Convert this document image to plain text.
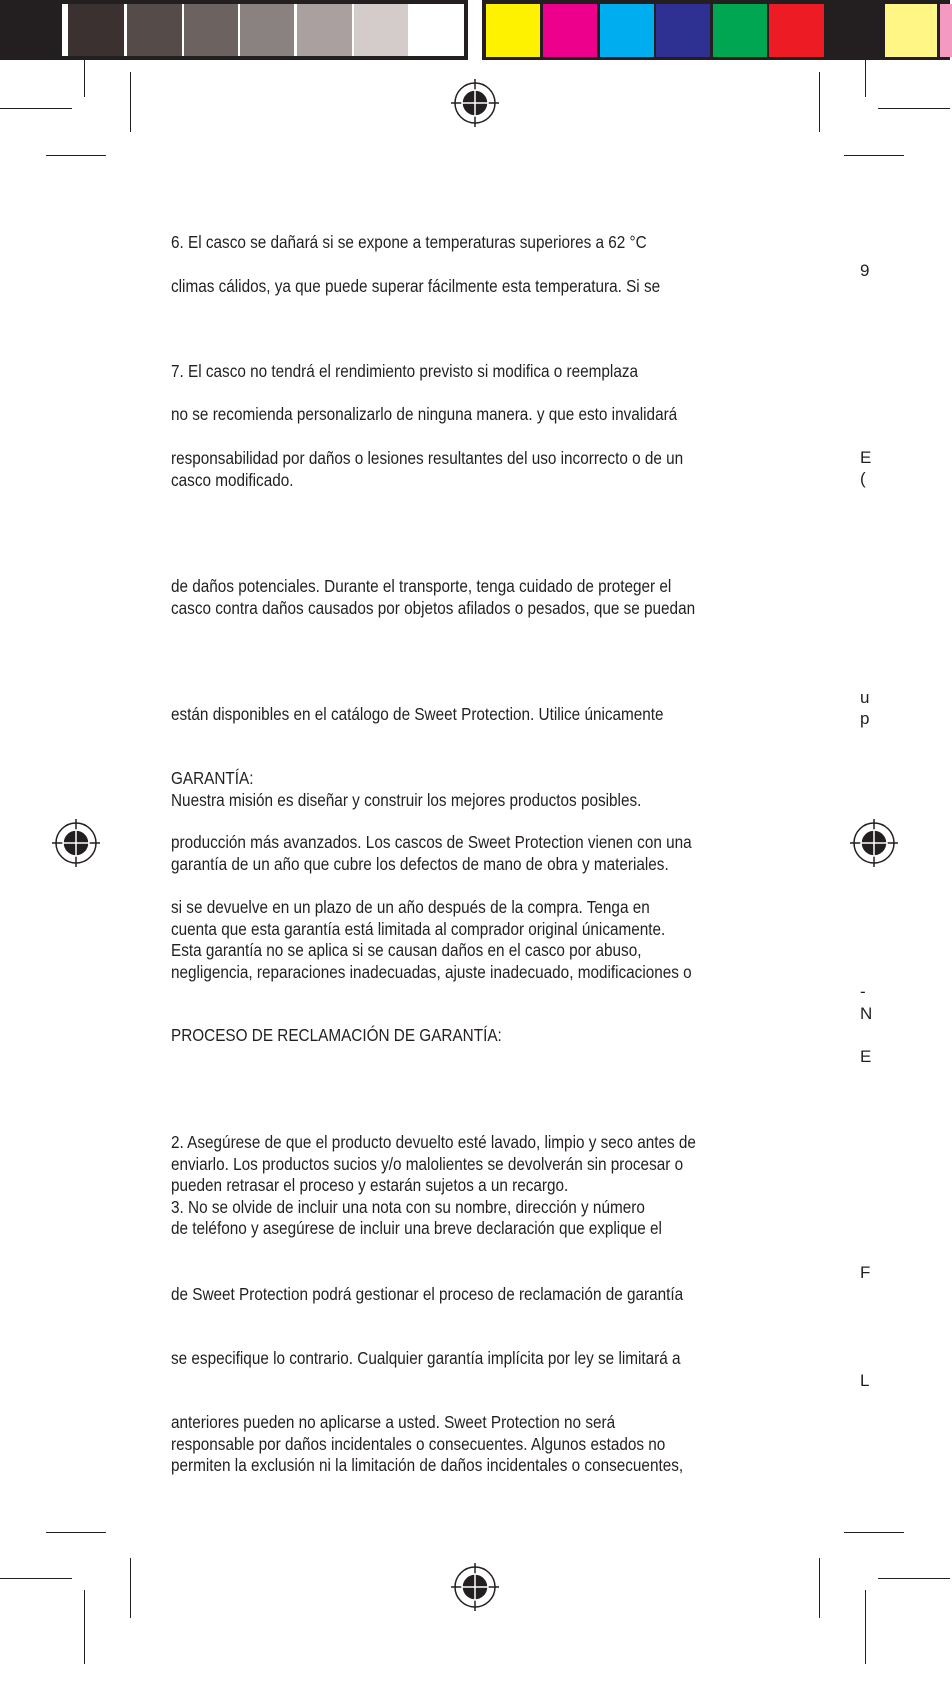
6. El casco se dañará si se expone a temperaturas superiores a 62 °C
climas cálidos, ya que puede superar fácilmente esta temperatura. Si se
7. El casco no tendrá el rendimiento previsto si modifica o reemplaza
no se recomienda personalizarlo de ninguna manera. y que esto invalidará
responsabilidad por daños o lesiones resultantes del uso incorrecto o de un
casco modificado.
de daños potenciales. Durante el transporte, tenga cuidado de proteger el
casco contra daños causados por objetos afilados o pesados, que se puedan
están disponibles en el catálogo de Sweet Protection. Utilice únicamente
GARANTÍA:
Nuestra misión es diseñar y construir los mejores productos posibles.
producción más avanzados. Los cascos de Sweet Protection vienen con una
garantía de un año que cubre los defectos de mano de obra y materiales.
si se devuelve en un plazo de un año después de la compra. Tenga en
cuenta que esta garantía está limitada al comprador original únicamente.
Esta garantía no se aplica si se causan daños en el casco por abuso,
negligencia, reparaciones inadecuadas, ajuste inadecuado, modificaciones o
PROCESO DE RECLAMACIÓN DE GARANTÍA:
2. Asegúrese de que el producto devuelto esté lavado, limpio y seco antes de
enviarlo. Los productos sucios y/o malolientes se devolverán sin procesar o
pueden retrasar el proceso y estarán sujetos a un recargo.
3. No se olvide de incluir una nota con su nombre, dirección y número
de teléfono y asegúrese de incluir una breve declaración que explique el
de Sweet Protection podrá gestionar el proceso de reclamación de garantía
se especifique lo contrario. Cualquier garantía implícita por ley se limitará a
anteriores pueden no aplicarse a usted. Sweet Protection no será
responsable por daños incidentales o consecuentes. Algunos estados no
permiten la exclusión ni la limitación de daños incidentales o consecuentes,
9
E
(
u
p
-
N
E
F
L
